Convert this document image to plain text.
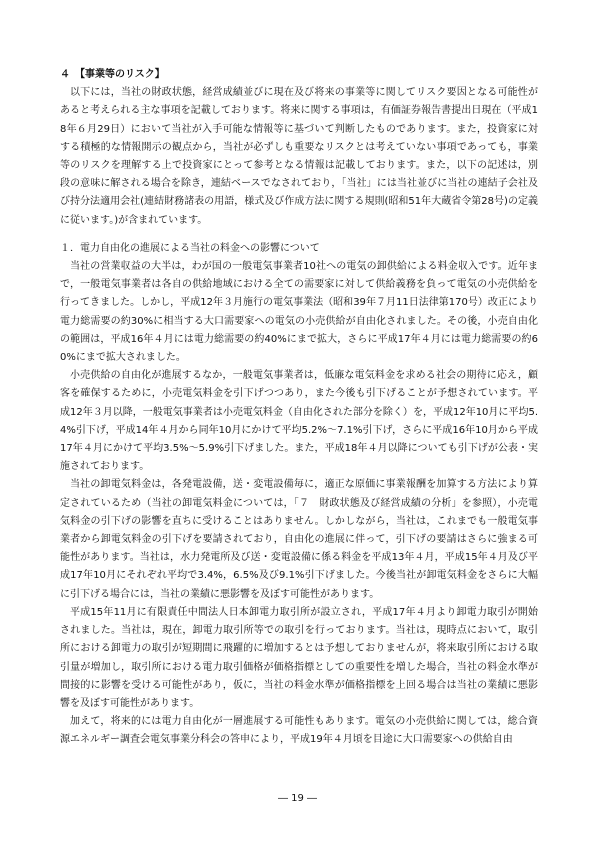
４　【事業等のリスク】

以下には，当社の財政状態，経営成績並びに現在及び将来の事業等に関してリスク要因となる可能性があると考えられる主な事項を記載しております。将来に関する事項は，有価証券報告書提出日現在（平成18年６月29日）において当社が入手可能な情報等に基づいて判断したものであります。また，投資家に対する積極的な情報開示の観点から，当社が必ずしも重要なリスクとは考えていない事項であっても，事業等のリスクを理解する上で投資家にとって参考となる情報は記載しております。また，以下の記述は，別段の意味に解される場合を除き，連結ベースでなされており，「当社」には当社並びに当社の連結子会社及び持分法適用会社(連結財務諸表の用語，様式及び作成方法に関する規則(昭和51年大蔵省令第28号)の定義に従います。)が含まれています。

１．電力自由化の進展による当社の料金への影響について

当社の営業収益の大半は，わが国の一般電気事業者10社への電気の卸供給による料金収入です。近年まで，一般電気事業者は各自の供給地域における全ての需要家に対して供給義務を負って電気の小売供給を行ってきました。しかし，平成12年３月施行の電気事業法（昭和39年７月11日法律第170号）改正により電力総需要の約30%に相当する大口需要家への電気の小売供給が自由化されました。その後，小売自由化の範囲は，平成16年４月には電力総需要の約40%にまで拡大，さらに平成17年４月には電力総需要の約60%にまで拡大されました。

小売供給の自由化が進展するなか，一般電気事業者は，低廉な電気料金を求める社会の期待に応え，顧客を確保するために，小売電気料金を引下げつつあり，また今後も引下げることが予想されています。平成12年３月以降，一般電気事業者は小売電気料金（自由化された部分を除く）を，平成12年10月に平均5.4%引下げ，平成14年４月から同年10月にかけて平均5.2%～7.1%引下げ，さらに平成16年10月から平成17年４月にかけて平均3.5%～5.9%引下げました。また，平成18年４月以降についても引下げが公表・実施されております。

当社の卸電気料金は，各発電設備，送・変電設備毎に，適正な原価に事業報酬を加算する方法により算定されているため（当社の卸電気料金については，「７　財政状態及び経営成績の分析」を参照），小売電気料金の引下げの影響を直ちに受けることはありません。しかしながら，当社は，これまでも一般電気事業者から卸電気料金の引下げを要請されており，自由化の進展に伴って，引下げの要請はさらに強まる可能性があります。当社は，水力発電所及び送・変電設備に係る料金を平成13年４月，平成15年４月及び平成17年10月にそれぞれ平均で3.4%，6.5%及び9.1%引下げました。今後当社が卸電気料金をさらに大幅に引下げる場合には，当社の業績に悪影響を及ぼす可能性があります。

平成15年11月に有限責任中間法人日本卸電力取引所が設立され，平成17年４月より卸電力取引が開始されました。当社は，現在，卸電力取引所等での取引を行っております。当社は，現時点において，取引所における卸電力の取引が短期間に飛躍的に増加するとは予想しておりませんが，将来取引所における取引量が増加し，取引所における電力取引価格が価格指標としての重要性を増した場合，当社の料金水準が間接的に影響を受ける可能性があり，仮に，当社の料金水準が価格指標を上回る場合は当社の業績に悪影響を及ぼす可能性があります。

加えて，将来的には電力自由化が一層進展する可能性もあります。電気の小売供給に関しては，総合資源エネルギー調査会電気事業分科会の答申により，平成19年４月頃を目途に大口需要家への供給自由

― 19 ―
